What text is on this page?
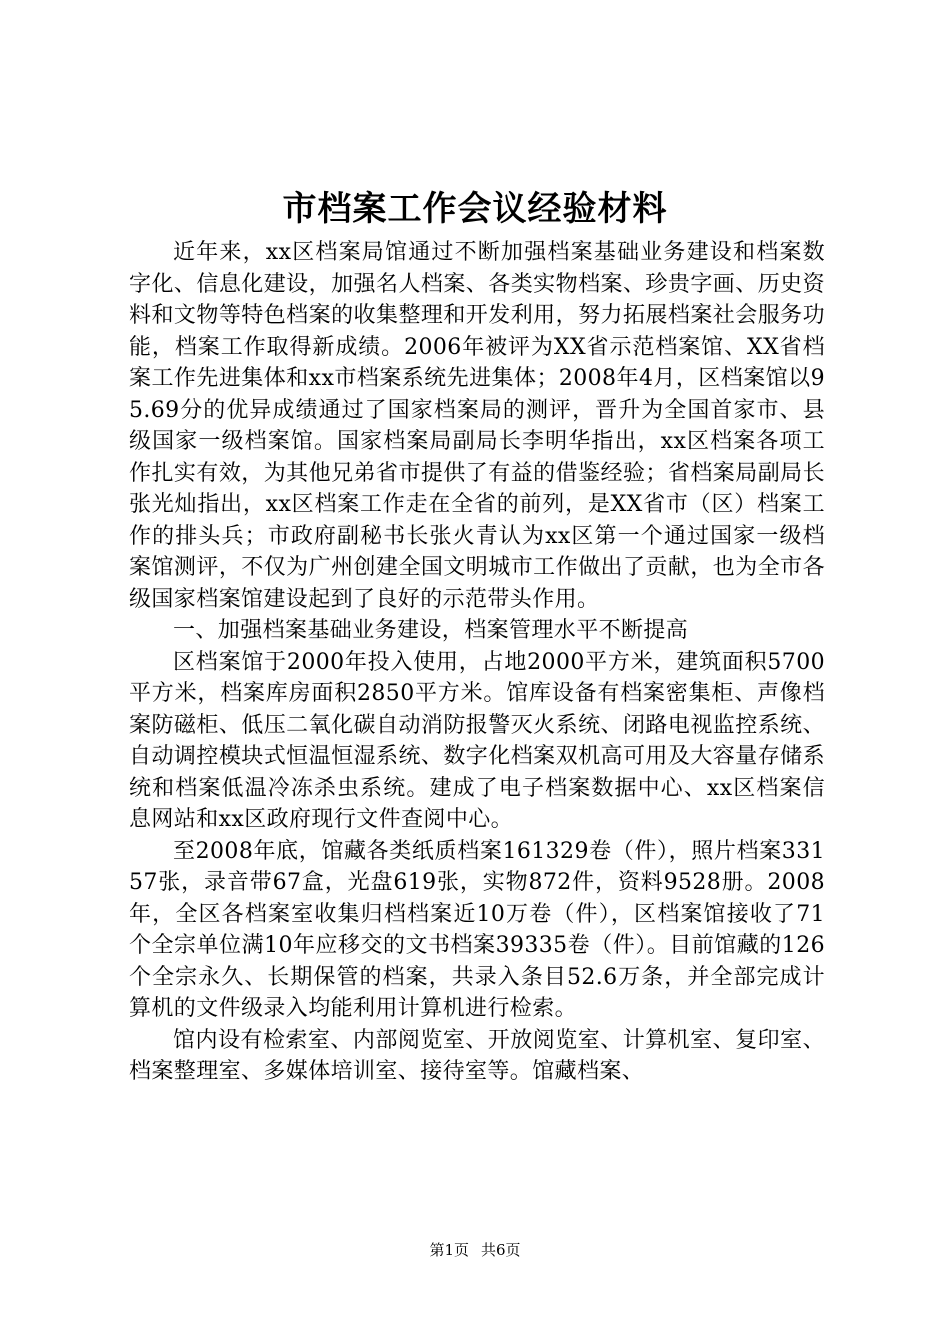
市档案工作会议经验材料

近年来，xx区档案局馆通过不断加强档案基础业务建设和档案数字化、信息化建设，加强名人档案、各类实物档案、珍贵字画、历史资料和文物等特色档案的收集整理和开发利用，努力拓展档案社会服务功能，档案工作取得新成绩。2006年被评为XX省示范档案馆、XX省档案工作先进集体和xx市档案系统先进集体；2008年4月，区档案馆以95.69分的优异成绩通过了国家档案局的测评，晋升为全国首家市、县级国家一级档案馆。国家档案局副局长李明华指出，xx区档案各项工作扎实有效，为其他兄弟省市提供了有益的借鉴经验；省档案局副局长张光灿指出，xx区档案工作走在全省的前列，是XX省市（区）档案工作的排头兵；市政府副秘书长张火青认为xx区第一个通过国家一级档案馆测评，不仅为广州创建全国文明城市工作做出了贡献，也为全市各级国家档案馆建设起到了良好的示范带头作用。

一、加强档案基础业务建设，档案管理水平不断提高

区档案馆于2000年投入使用，占地2000平方米，建筑面积5700平方米，档案库房面积2850平方米。馆库设备有档案密集柜、声像档案防磁柜、低压二氧化碳自动消防报警灭火系统、闭路电视监控系统、自动调控模块式恒温恒湿系统、数字化档案双机高可用及大容量存储系统和档案低温冷冻杀虫系统。建成了电子档案数据中心、xx区档案信息网站和xx区政府现行文件查阅中心。

至2008年底，馆藏各类纸质档案161329卷（件），照片档案33157张，录音带67盒，光盘619张，实物872件，资料9528册。2008年，全区各档案室收集归档档案近10万卷（件），区档案馆接收了71个全宗单位满10年应移交的文书档案39335卷（件）。目前馆藏的126个全宗永久、长期保管的档案，共录入条目52.6万条，并全部完成计算机的文件级录入均能利用计算机进行检索。

馆内设有检索室、内部阅览室、开放阅览室、计算机室、复印室、档案整理室、多媒体培训室、接待室等。馆藏档案、

第1页 共6页
